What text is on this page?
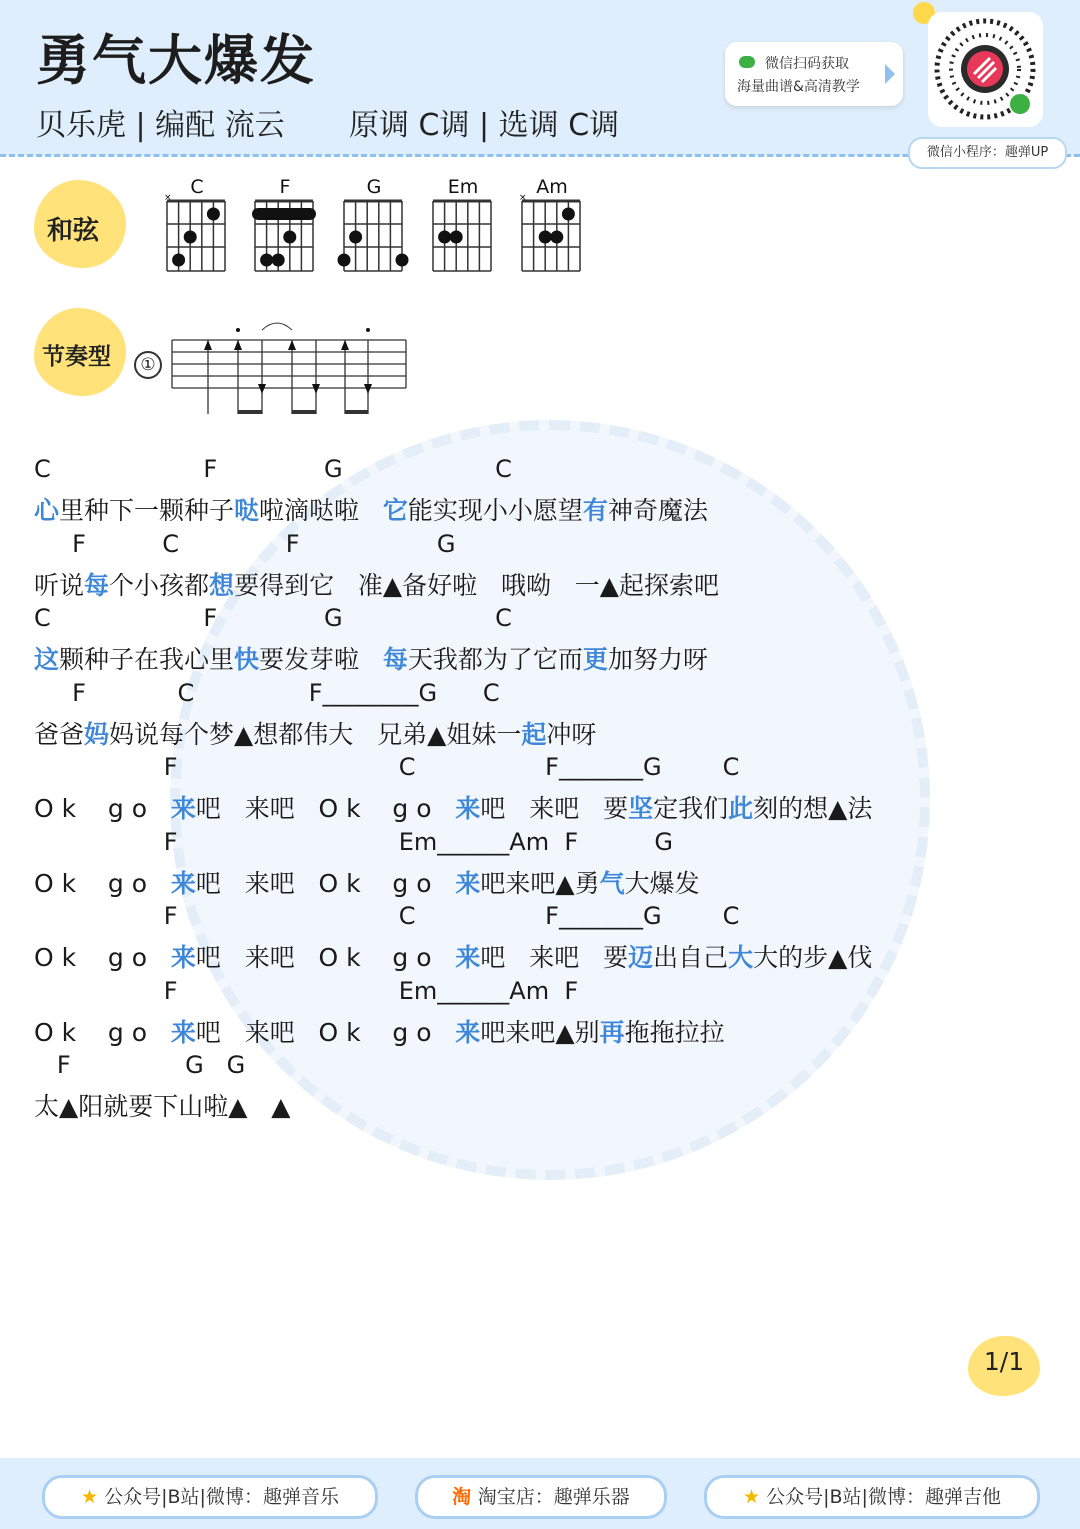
勇气大爆发
贝乐虎 | 编配 流云 原调 C调 | 选调 C调
微信扫码获取
海量曲谱&高清教学
微信小程序：趣弹UP
和弦
C
×	F	G	Em	Am
×
节奏型	①
C                    F              G                    C
心里种下一颗种子哒啦滴哒啦   它能实现小小愿望有神奇魔法
F          C              F                  G
听说每个小孩都想要得到它   准▲备好啦   哦呦   一▲起探索吧
C                    F              G                    C
这颗种子在我心里快要发芽啦   每天我都为了它而更加努力呀
F            C               F________G      C
爸爸妈妈说每个梦▲想都伟大   兄弟▲姐妹一起冲呀
F                             C                 F_______G        C
O k    g o   来吧   来吧   O k    g o   来吧   来吧   要坚定我们此刻的想▲法
F                             Em______Am  F          G
O k    g o   来吧   来吧   O k    g o   来吧来吧▲勇气大爆发
F                             C                 F_______G        C
O k    g o   来吧   来吧   O k    g o   来吧   来吧   要迈出自己大大的步▲伐
F                             Em______Am  F
O k    g o   来吧   来吧   O k    g o   来吧来吧▲别再拖拖拉拉
F               G   G
太▲阳就要下山啦▲   ▲
1/1
★ 公众号|B站|微博：趣弹音乐	淘 淘宝店：趣弹乐器	★ 公众号|B站|微博：趣弹吉他
